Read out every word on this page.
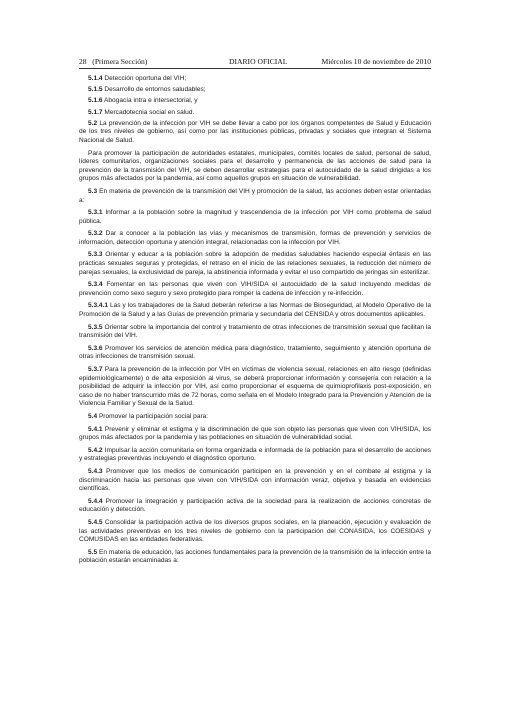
28 (Primera Sección)	DIARIO OFICIAL	Miércoles 10 de noviembre de 2010

5.1.4 Detección oportuna del VIH;

5.1.5 Desarrollo de entornos saludables;

5.1.6 Abogacía intra e intersectorial, y

5.1.7 Mercadotecnia social en salud.

5.2 La prevención de la infección por VIH se debe llevar a cabo por los órganos competentes de Salud y Educación de los tres niveles de gobierno, así como por las instituciones públicas, privadas y sociales que integran el Sistema Nacional de Salud.

Para promover la participación de autoridades estatales, municipales, comités locales de salud, personal de salud, líderes comunitarios, organizaciones sociales para el desarrollo y permanencia de las acciones de salud para la prevención de la transmisión del VIH, se deben desarrollar estrategias para el autocuidado de la salud dirigidas a los grupos más afectados por la pandemia, así como aquellos grupos en situación de vulnerabilidad.

5.3 En materia de prevención de la transmisión del VIH y promoción de la salud, las acciones deben estar orientadas a:

5.3.1 Informar a la población sobre la magnitud y trascendencia de la infección por VIH como problema de salud pública.

5.3.2 Dar a conocer a la población las vías y mecanismos de transmisión, formas de prevención y servicios de información, detección oportuna y atención integral, relacionadas con la infección por VIH.

5.3.3 Orientar y educar a la población sobre la adopción de medidas saludables haciendo especial énfasis en las prácticas sexuales seguras y protegidas, el retraso en el inicio de las relaciones sexuales, la reducción del número de parejas sexuales, la exclusividad de pareja, la abstinencia informada y evitar el uso compartido de jeringas sin esterilizar.

5.3.4 Fomentar en las personas que viven con VIH/SIDA el autocuidado de la salud incluyendo medidas de prevención como sexo seguro y sexo protegido para romper la cadena de infección y re-infección.

5.3.4.1 Las y los trabajadores de la Salud deberán referirse a las Normas de Bioseguridad, al Modelo Operativo de la Promoción de la Salud y a las Guías de prevención primaria y secundaria del CENSIDA y otros documentos aplicables.

5.3.5 Orientar sobre la importancia del control y tratamiento de otras infecciones de transmisión sexual que facilitan la transmisión del VIH.

5.3.6 Promover los servicios de atención médica para diagnóstico, tratamiento, seguimiento y atención oportuna de otras infecciones de transmisión sexual.

5.3.7 Para la prevención de la infección por VIH en víctimas de violencia sexual, relaciones en alto riesgo (definidas epidemiológicamente) o de alta exposición al virus, se deberá proporcionar información y consejería con relación a la posibilidad de adquirir la infección por VIH, así como proporcionar el esquema de quimioprofilaxis post-exposición, en caso de no haber transcurrido más de 72 horas, como señala en el Modelo Integrado para la Prevención y Atención de la Violencia Familiar y Sexual de la Salud.

5.4 Promover la participación social para:

5.4.1 Prevenir y eliminar el estigma y la discriminación de que son objeto las personas que viven con VIH/SIDA, los grupos más afectados por la pandemia y las poblaciones en situación de vulnerabilidad social.

5.4.2 Impulsar la acción comunitaria en forma organizada e informada de la población para el desarrollo de acciones y estrategias preventivas incluyendo el diagnóstico oportuno.

5.4.3 Promover que los medios de comunicación participen en la prevención y en el combate al estigma y la discriminación hacia las personas que viven con VIH/SIDA con información veraz, objetiva y basada en evidencias científicas.

5.4.4 Promover la integración y participación activa de la sociedad para la realización de acciones concretas de educación y detección.

5.4.5 Consolidar la participación activa de los diversos grupos sociales, en la planeación, ejecución y evaluación de las actividades preventivas en los tres niveles de gobierno con la participación del CONASIDA, los COESIDAS y COMUSIDAS en las entidades federativas.

5.5 En materia de educación, las acciones fundamentales para la prevención de la transmisión de la infección entre la población estarán encaminadas a:
